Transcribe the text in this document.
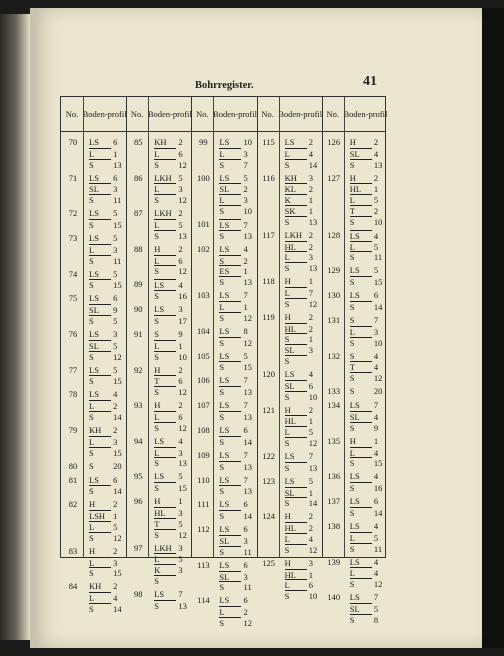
Bohrregister.	41
No. Boden- profil No. Boden- profil No. Boden- profil No. Boden- profil No. Boden- profil
70	LS 6
L 1
S 13
71	LS 6
SL 3
S 11
72	LS 5
S 15
73	LS 5
L 3
S 11
74	LS 5
S 15
75	LS 6
SL 9
S 5
76	LS 3
SL 5
S 12
77	LS 5
S 15
78	LS 4
L 2
S 14
79	KH 2
L 3
S 15
80	S 20
81	LS 6
S 14
82	H 2
LSH 1
L 5
S 12
83	H 2
L 3
S 15
84	KH 2
L 4
S 14
85	KH 2
L 6
S 12
86	LKH 5
L 3
S 12
87	LKH 2
L 5
S 13
88	H 2
L 6
S 12
89	LS 4
S 16
90	LS 3
S 17
91	S 9
L 1
S 10
92	H 2
T 6
S 12
93	H 2
L 6
S 12
94	LS 4
L 3
S 13
95	LS 5
S 15
96	H 1
HL 3
T 5
S 12
97	LKH 3
L 5
K 3
S
98	LS 7
S 13
99	LS 10
L 3
S 7
100	LS 5
SL 2
L 3
S 10
101	LS 7
S 13
102	LS 4
S 2
ES 1
S 13
103	LS 7
L 1
S 12
104	LS 8
S 12
105	LS 5
S 15
106	LS 7
S 13
107	LS 7
S 13
108	LS 6
S 14
109	LS 7
S 13
110	LS 7
S 13
111	LS 6
S 14
112	LS 6
SL 3
S 11
113	LS 6
SL 3
S 11
114	LS 6
L 2
S 12
115	LS 2
L 4
S 14
116	KH 3
KL 2
K 1
SK 1
S 13
117	LKH 2
HL 2
L 3
S 13
118	H 1
L 7
S 12
119	H 2
HL 2
S 1
SL 3
S
120	LS 4
SL 6
S 10
121	H 2
HL 1
L 5
S 12
122	LS 7
S 13
123	LS 5
SL 1
S 14
124	H 2
HL 2
L 4
S 12
125	H 3
HL 1
L 6
S 10
126	H 2
SL 4
S 13
127	H 2
HL 1
L 5
T 2
S 10
128	LS 4
L 5
S 11
129	LS 5
S 15
130	LS 6
S 14
131	S 7
L 3
S 10
132	S 4
T 4
S 12
133	S 20
134	LS 7
SL 4
S 9
135	H 1
L 4
S 15
136	LS 4
S 16
137	LS 6
S 14
138	LS 4
L 5
S 11
139	LS 4
L 4
S 12
140	LS 7
SL 5
S 8
